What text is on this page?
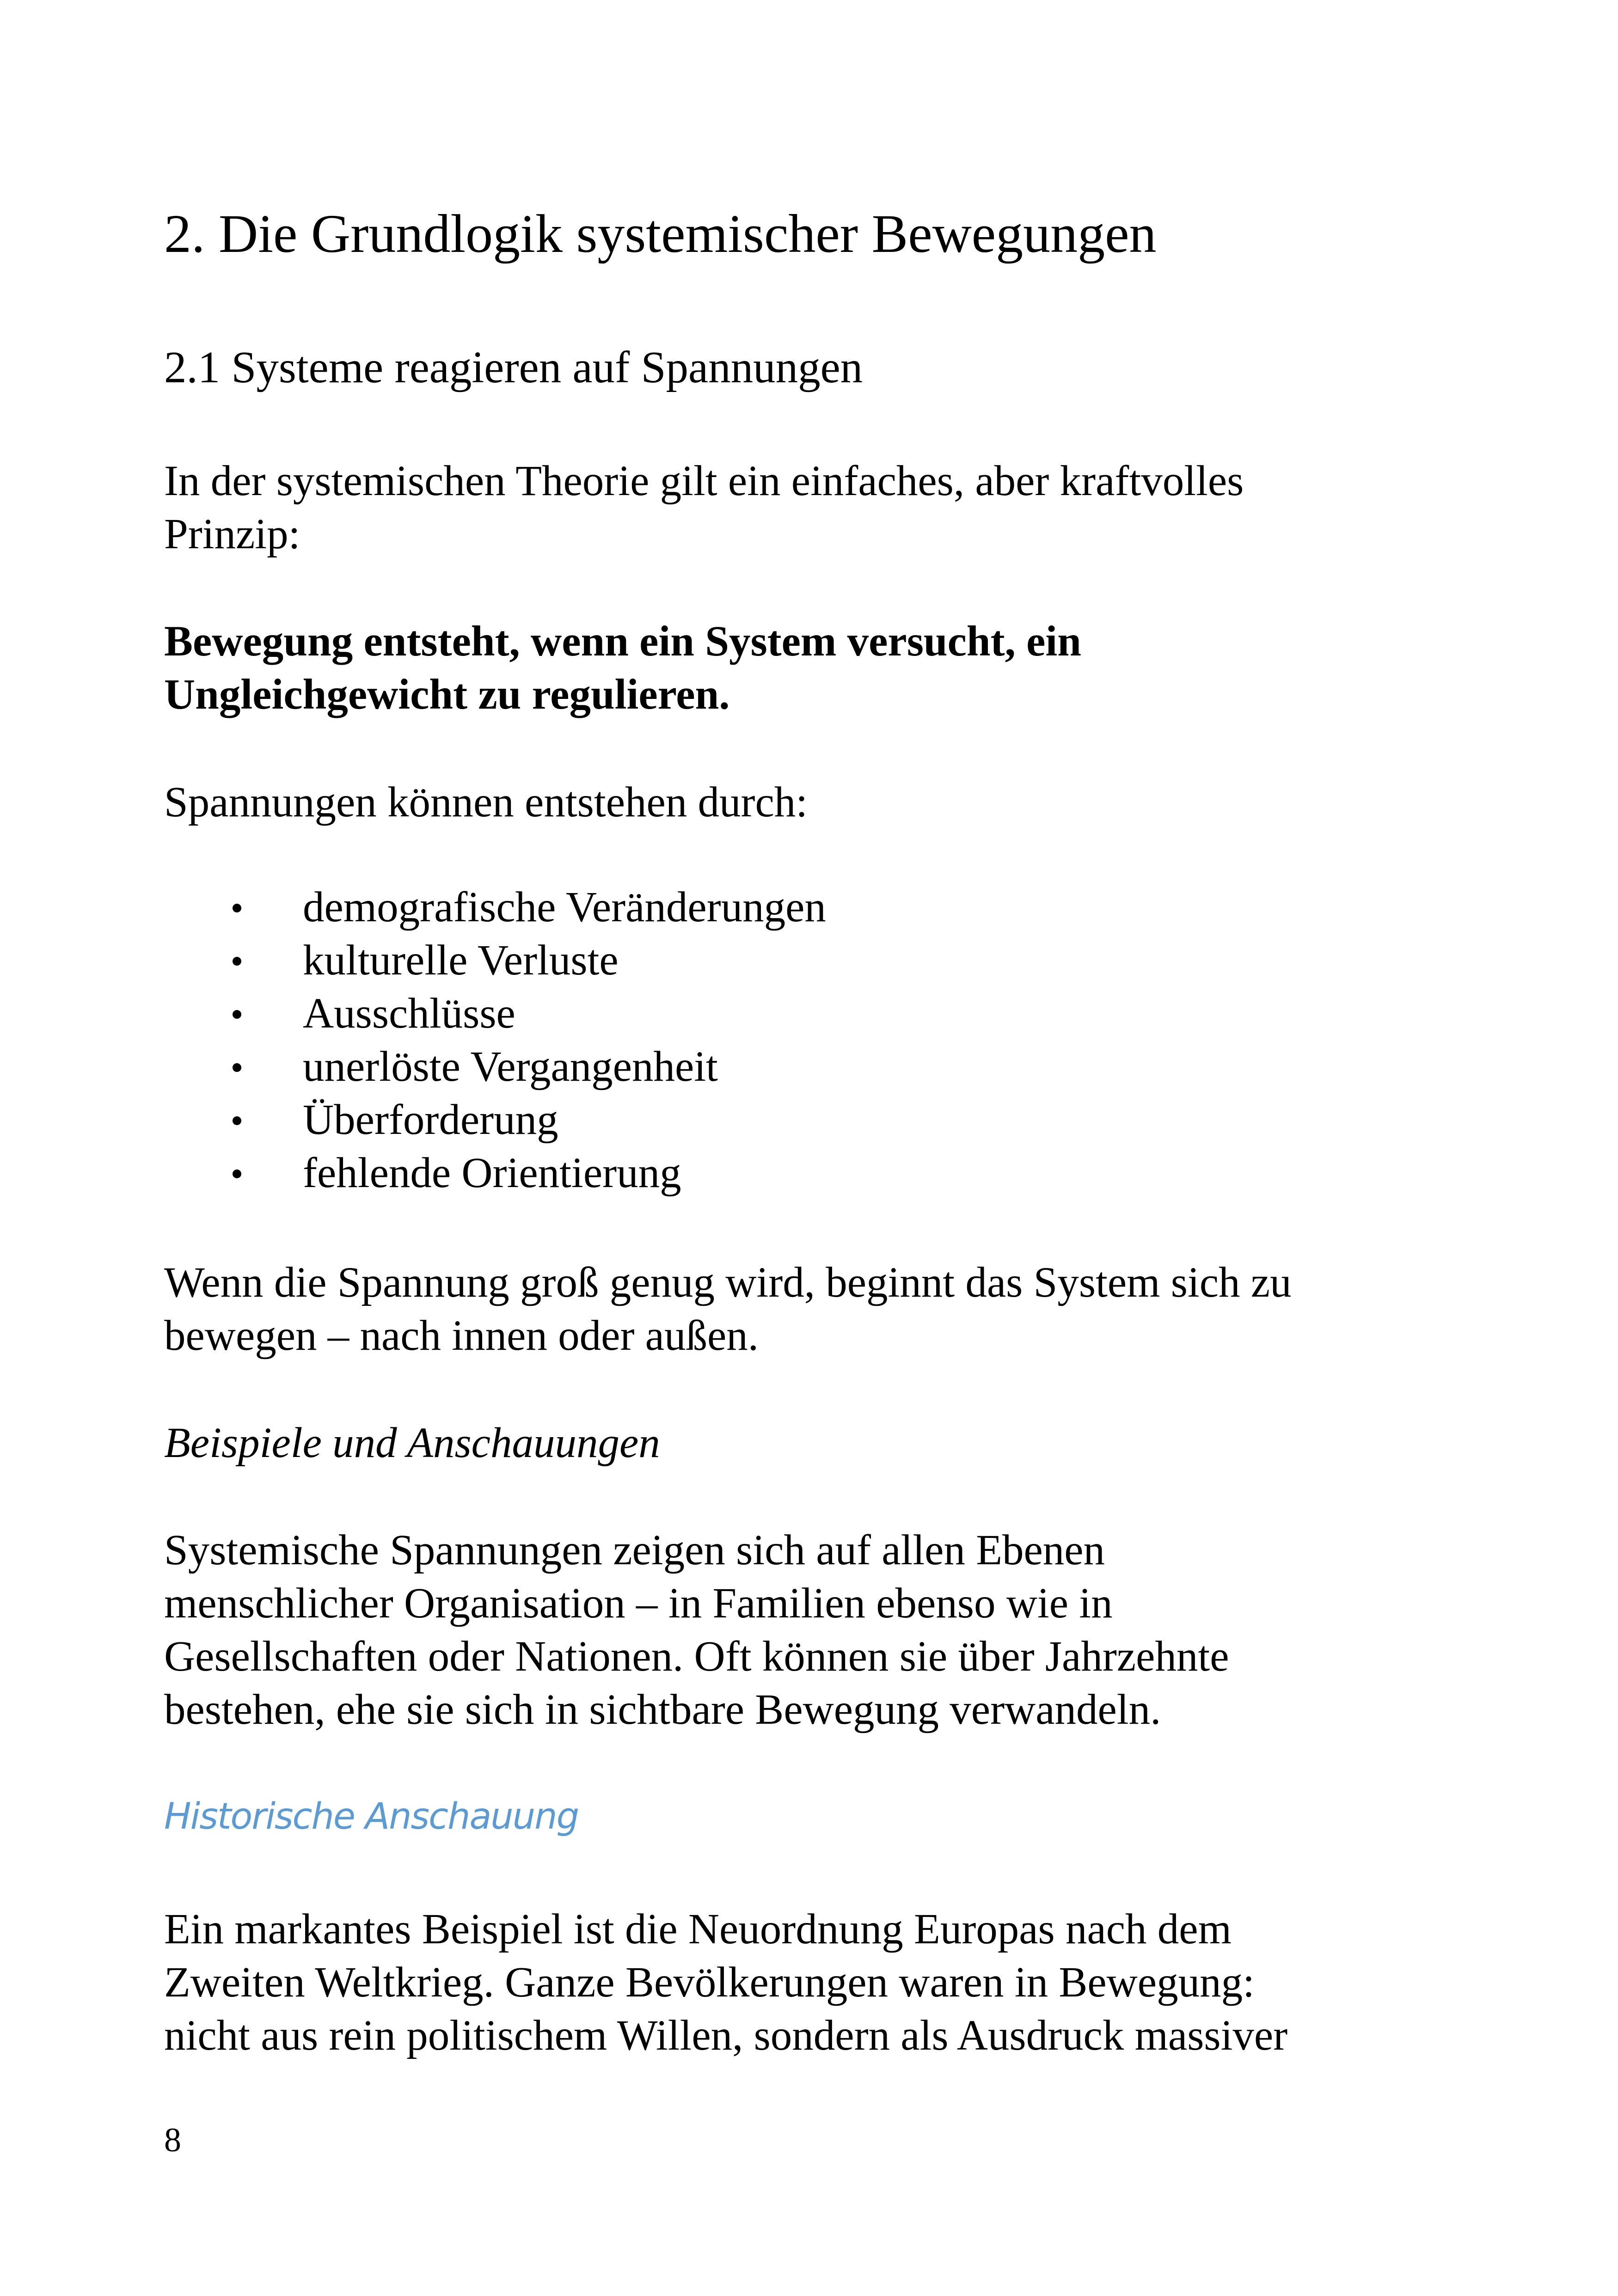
2. Die Grundlogik systemischer Bewegungen
2.1 Systeme reagieren auf Spannungen

In der systemischen Theorie gilt ein einfaches, aber kraftvolles

Prinzip:

Bewegung entsteht, wenn ein System versucht, ein

Ungleichgewicht zu regulieren.

Spannungen können entstehen durch:

demografische Veränderungen
kulturelle Verluste
Ausschlüsse
unerlöste Vergangenheit
Überforderung
fehlende Orientierung

Wenn die Spannung groß genug wird, beginnt das System sich zu

bewegen – nach innen oder außen.

Beispiele und Anschauungen

Systemische Spannungen zeigen sich auf allen Ebenen

menschlicher Organisation – in Familien ebenso wie in

Gesellschaften oder Nationen. Oft können sie über Jahrzehnte

bestehen, ehe sie sich in sichtbare Bewegung verwandeln.

Historische Anschauung

Ein markantes Beispiel ist die Neuordnung Europas nach dem

Zweiten Weltkrieg. Ganze Bevölkerungen waren in Bewegung:

nicht aus rein politischem Willen, sondern als Ausdruck massiver

8
